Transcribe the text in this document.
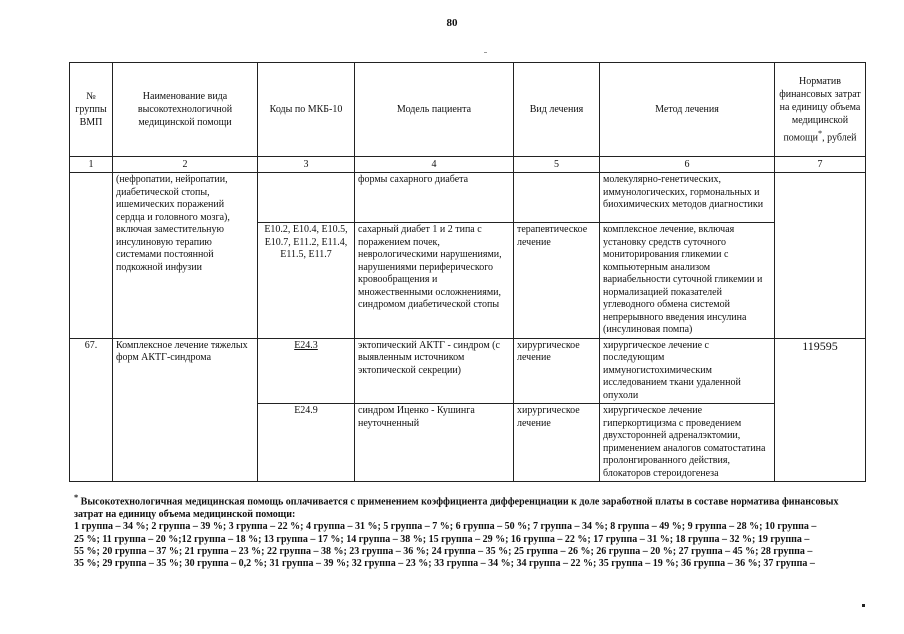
80
№ группы ВМП	Наименование вида высокотехнологичной медицинской помощи	Коды по МКБ-10	Модель пациента	Вид лечения	Метод лечения	Норматив финансовых затрат на единицу объема медицинской помощи*, рублей
1	2	3	4	5	6	7
	(нефропатии, нейропатии, диабетической стопы, ишемических поражений сердца и головного мозга), включая заместительную инсулиновую терапию системами постоянной подкожной инфузии		формы сахарного диабета		молекулярно-генетических, иммунологических, гормональных и биохимических методов диагностики	
		E10.2, E10.4, E10.5, E10.7, E11.2, E11.4, E11.5, E11.7	сахарный диабет 1 и 2 типа с поражением почек, неврологическими нарушениями, нарушениями периферического кровообращения и множественными осложнениями, синдромом диабетической стопы	терапевтическое лечение	комплексное лечение, включая установку средств суточного мониторирования гликемии с компьютерным анализом вариабельности суточной гликемии и нормализацией показателей углеводного обмена системой непрерывного введения инсулина (инсулиновая помпа)	
67.	Комплексное лечение тяжелых форм АКТГ-синдрома	E24.3	эктопический АКТГ - синдром (с выявленным источником эктопической секреции)	хирургическое лечение	хирургическое лечение с последующим иммуногистохимическим исследованием ткани удаленной опухоли	119595
		E24.9	синдром Иценко - Кушинга неуточненный	хирургическое лечение	хирургическое лечение гиперкортицизма с проведением двухсторонней адреналэктомии, применением аналогов соматостатина пролонгированного действия, блокаторов стероидогенеза	
* Высокотехнологичная медицинская помощь оплачивается с применением коэффициента дифференциации к доле заработной платы в составе норматива финансовых
затрат на единицу объема медицинской помощи:
1 группа – 34 %; 2 группа – 39 %; 3 группа – 22 %; 4 группа – 31 %; 5 группа – 7 %; 6 группа – 50 %; 7 группа – 34 %; 8 группа – 49 %; 9 группа – 28 %; 10 группа –
25 %; 11 группа – 20 %;12 группа – 18 %; 13 группа – 17 %; 14 группа – 38 %; 15 группа – 29 %; 16 группа – 22 %; 17 группа – 31 %; 18 группа – 32 %; 19 группа –
55 %; 20 группа – 37 %; 21 группа – 23 %; 22 группа – 38 %; 23 группа – 36 %; 24 группа – 35 %; 25 группа – 26 %; 26 группа – 20 %; 27 группа – 45 %; 28 группа –
35 %; 29 группа – 35 %; 30 группа – 0,2 %; 31 группа – 39 %; 32 группа – 23 %; 33 группа – 34 %; 34 группа – 22 %; 35 группа – 19 %; 36 группа – 36 %; 37 группа –
